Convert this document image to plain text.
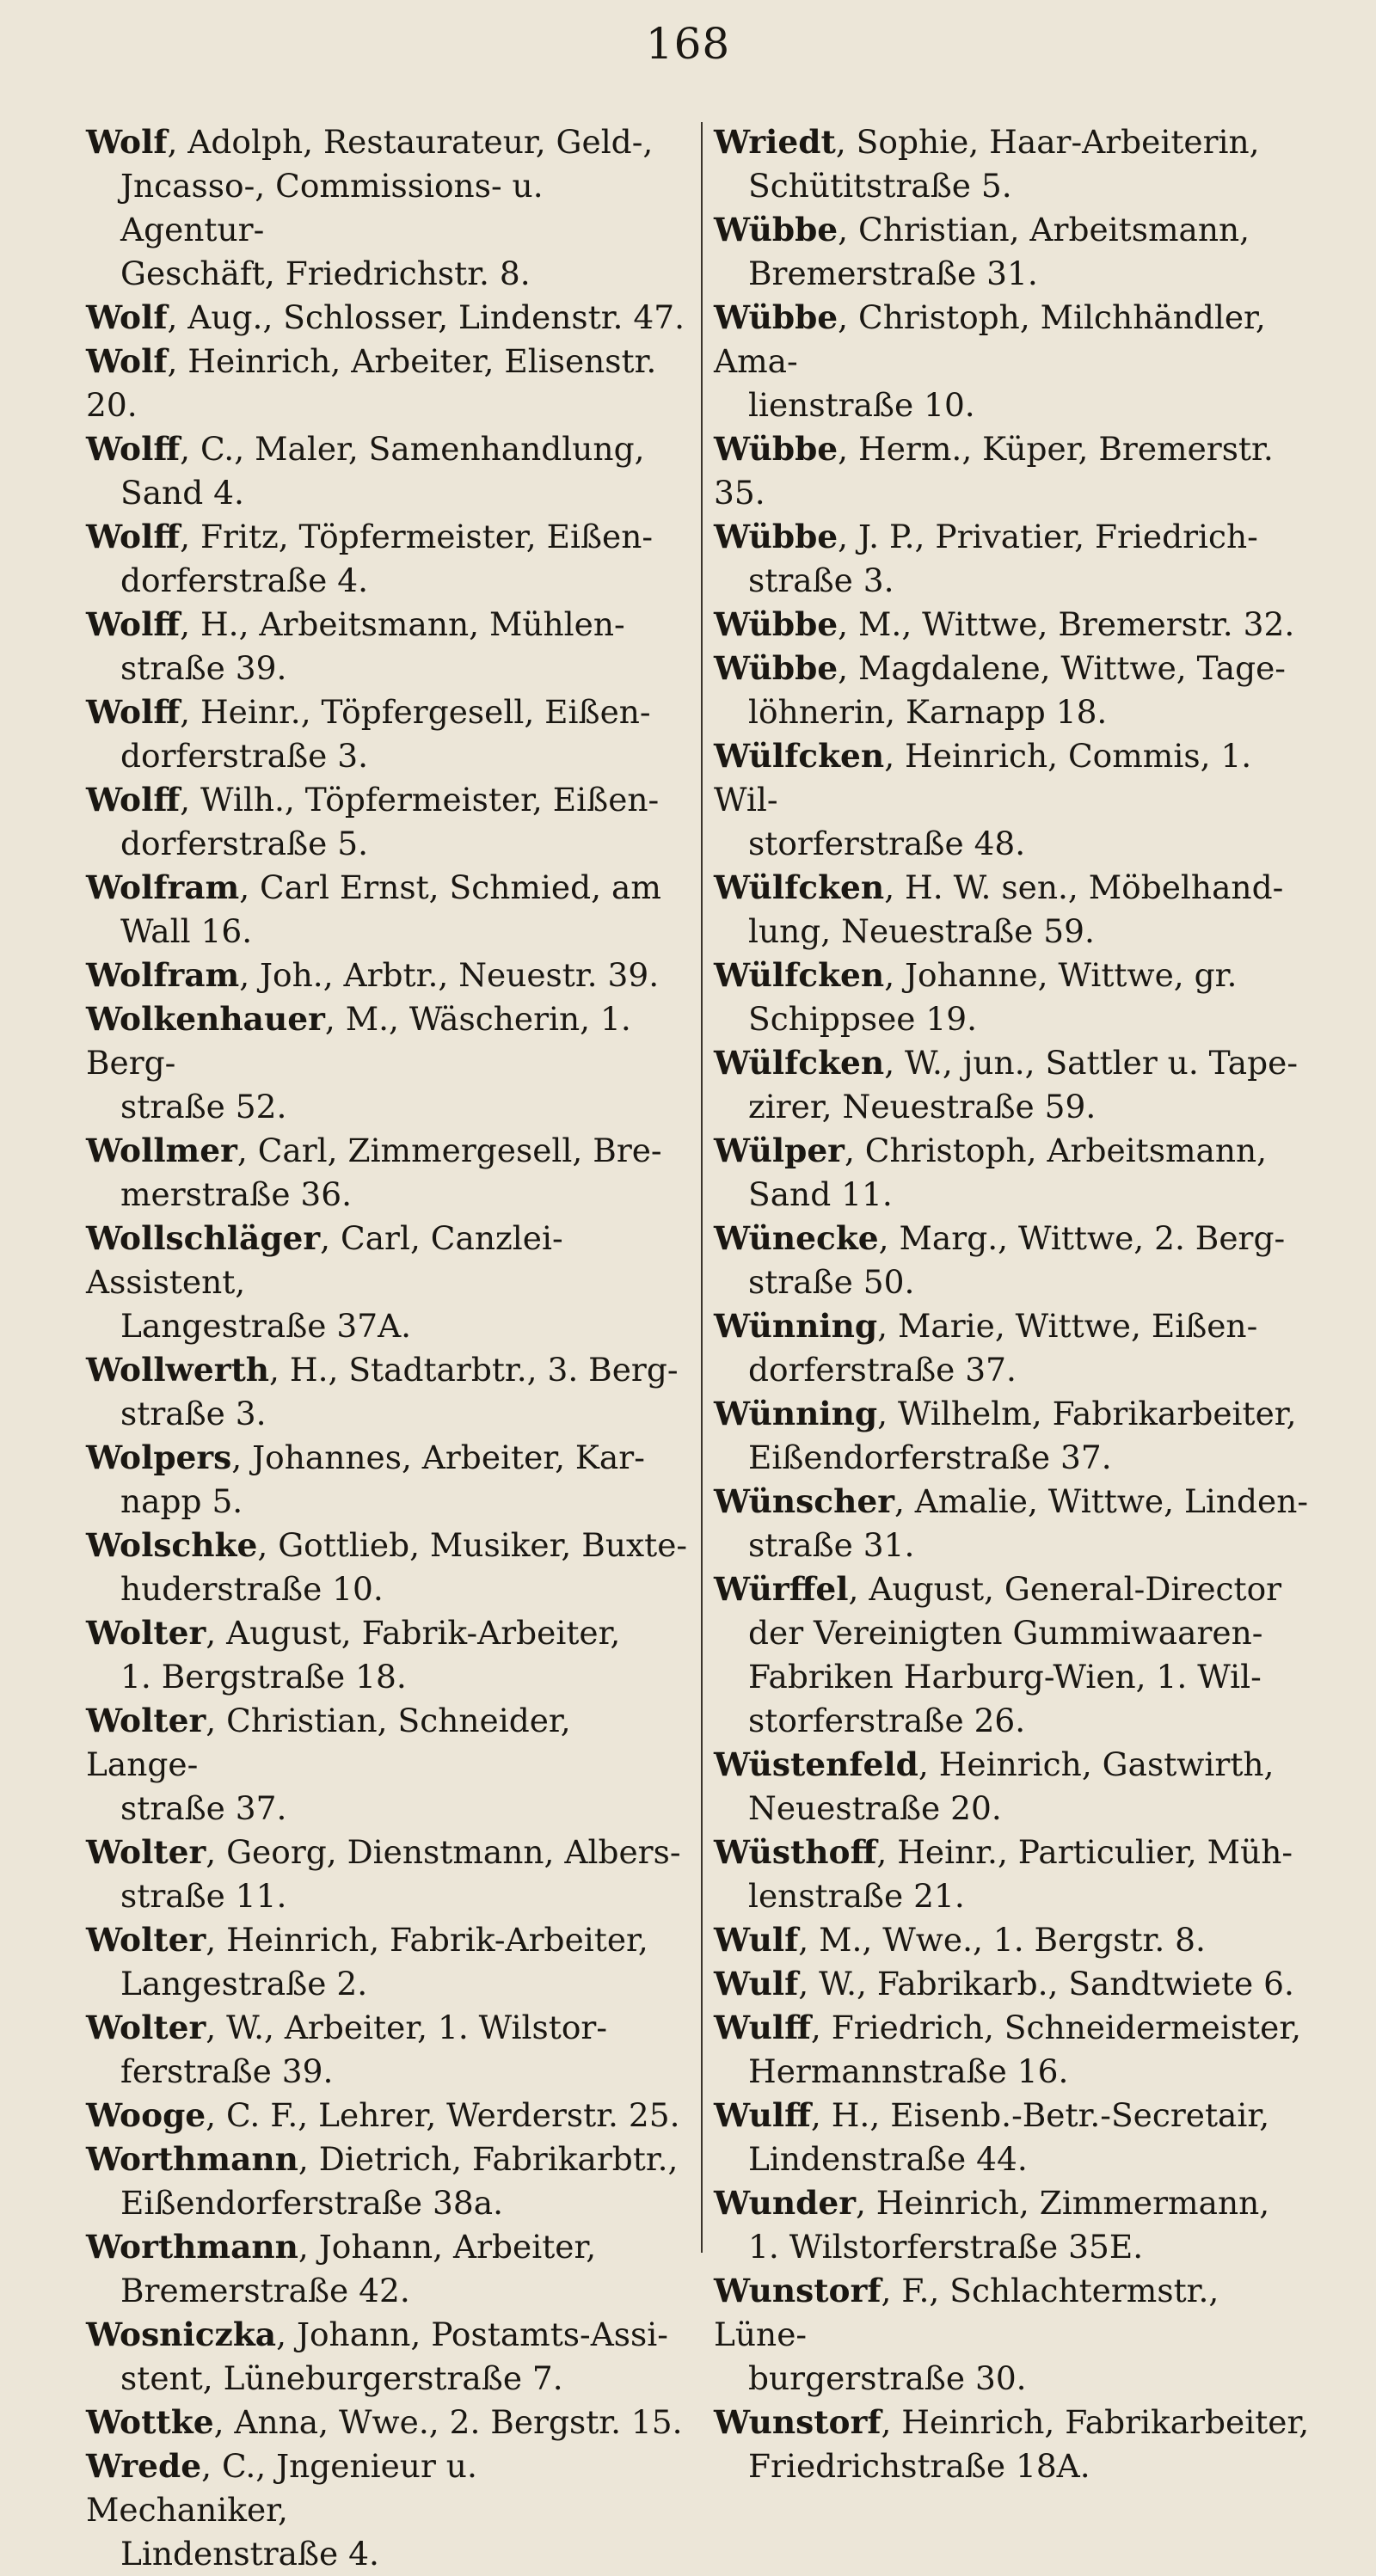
168
Wolf, Adolph, Restaurateur, Geld-,
Jncasso-, Commissions- u. Agentur-
Geschäft, Friedrichstr. 8.
Wolf, Aug., Schlosser, Lindenstr. 47.
Wolf, Heinrich, Arbeiter, Elisenstr. 20.
Wolff, C., Maler, Samenhandlung,
Sand 4.
Wolff, Fritz, Töpfermeister, Eißen-
dorferstraße 4.
Wolff, H., Arbeitsmann, Mühlen-
straße 39.
Wolff, Heinr., Töpfergesell, Eißen-
dorferstraße 3.
Wolff, Wilh., Töpfermeister, Eißen-
dorferstraße 5.
Wolfram, Carl Ernst, Schmied, am
Wall 16.
Wolfram, Joh., Arbtr., Neuestr. 39.
Wolkenhauer, M., Wäscherin, 1. Berg-
straße 52.
Wollmer, Carl, Zimmergesell, Bre-
merstraße 36.
Wollschläger, Carl, Canzlei-Assistent,
Langestraße 37A.
Wollwerth, H., Stadtarbtr., 3. Berg-
straße 3.
Wolpers, Johannes, Arbeiter, Kar-
napp 5.
Wolschke, Gottlieb, Musiker, Buxte-
huderstraße 10.
Wolter, August, Fabrik-Arbeiter,
1. Bergstraße 18.
Wolter, Christian, Schneider, Lange-
straße 37.
Wolter, Georg, Dienstmann, Albers-
straße 11.
Wolter, Heinrich, Fabrik-Arbeiter,
Langestraße 2.
Wolter, W., Arbeiter, 1. Wilstor-
ferstraße 39.
Wooge, C. F., Lehrer, Werderstr. 25.
Worthmann, Dietrich, Fabrikarbtr.,
Eißendorferstraße 38a.
Worthmann, Johann, Arbeiter,
Bremerstraße 42.
Wosniczka, Johann, Postamts-Assi-
stent, Lüneburgerstraße 7.
Wottke, Anna, Wwe., 2. Bergstr. 15.
Wrede, C., Jngenieur u. Mechaniker,
Lindenstraße 4.
Wriedt, Sophie, Haar-Arbeiterin,
Schütitstraße 5.
Wübbe, Christian, Arbeitsmann,
Bremerstraße 31.
Wübbe, Christoph, Milchhändler, Ama-
lienstraße 10.
Wübbe, Herm., Küper, Bremerstr. 35.
Wübbe, J. P., Privatier, Friedrich-
straße 3.
Wübbe, M., Wittwe, Bremerstr. 32.
Wübbe, Magdalene, Wittwe, Tage-
löhnerin, Karnapp 18.
Wülfcken, Heinrich, Commis, 1. Wil-
storferstraße 48.
Wülfcken, H. W. sen., Möbelhand-
lung, Neuestraße 59.
Wülfcken, Johanne, Wittwe, gr.
Schippsee 19.
Wülfcken, W., jun., Sattler u. Tape-
zirer, Neuestraße 59.
Wülper, Christoph, Arbeitsmann,
Sand 11.
Wünecke, Marg., Wittwe, 2. Berg-
straße 50.
Wünning, Marie, Wittwe, Eißen-
dorferstraße 37.
Wünning, Wilhelm, Fabrikarbeiter,
Eißendorferstraße 37.
Wünscher, Amalie, Wittwe, Linden-
straße 31.
Würffel, August, General-Director
der Vereinigten Gummiwaaren-
Fabriken Harburg-Wien, 1. Wil-
storferstraße 26.
Wüstenfeld, Heinrich, Gastwirth,
Neuestraße 20.
Wüsthoff, Heinr., Particulier, Müh-
lenstraße 21.
Wulf, M., Wwe., 1. Bergstr. 8.
Wulf, W., Fabrikarb., Sandtwiete 6.
Wulff, Friedrich, Schneidermeister,
Hermannstraße 16.
Wulff, H., Eisenb.-Betr.-Secretair,
Lindenstraße 44.
Wunder, Heinrich, Zimmermann,
1. Wilstorferstraße 35E.
Wunstorf, F., Schlachtermstr., Lüne-
burgerstraße 30.
Wunstorf, Heinrich, Fabrikarbeiter,
Friedrichstraße 18A.
